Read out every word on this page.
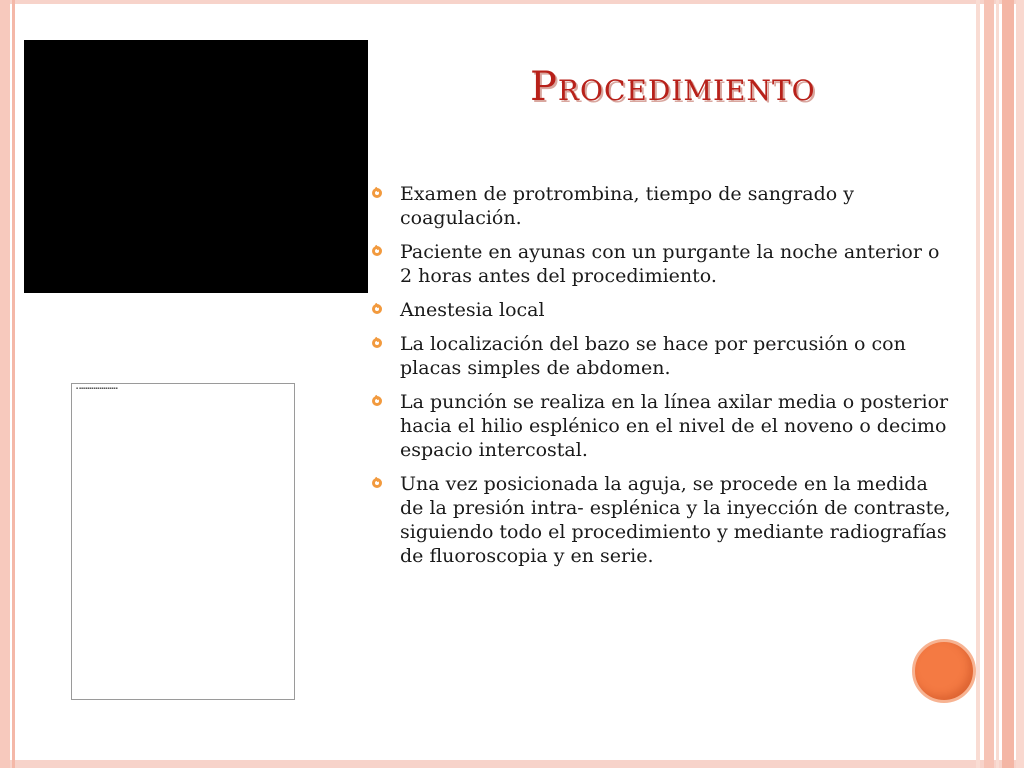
▪ ▪▪▪▪▪▪▪▪▪▪▪▪▪▪▪▪▪▪▪
Procedimiento
Examen de protrombina, tiempo de sangrado y coagulación.
Paciente en ayunas con un purgante la noche anterior o 2 horas antes del procedimiento.
Anestesia local
La localización del bazo se hace por percusión o con placas simples de abdomen.
La punción se realiza en la línea axilar media o posterior hacia el hilio esplénico en el nivel de el noveno o decimo espacio intercostal.
Una vez posicionada la aguja, se procede en la medida de la presión intra- esplénica y la inyección de contraste, siguiendo todo el procedimiento y mediante radiografías de fluoroscopia y en serie.
